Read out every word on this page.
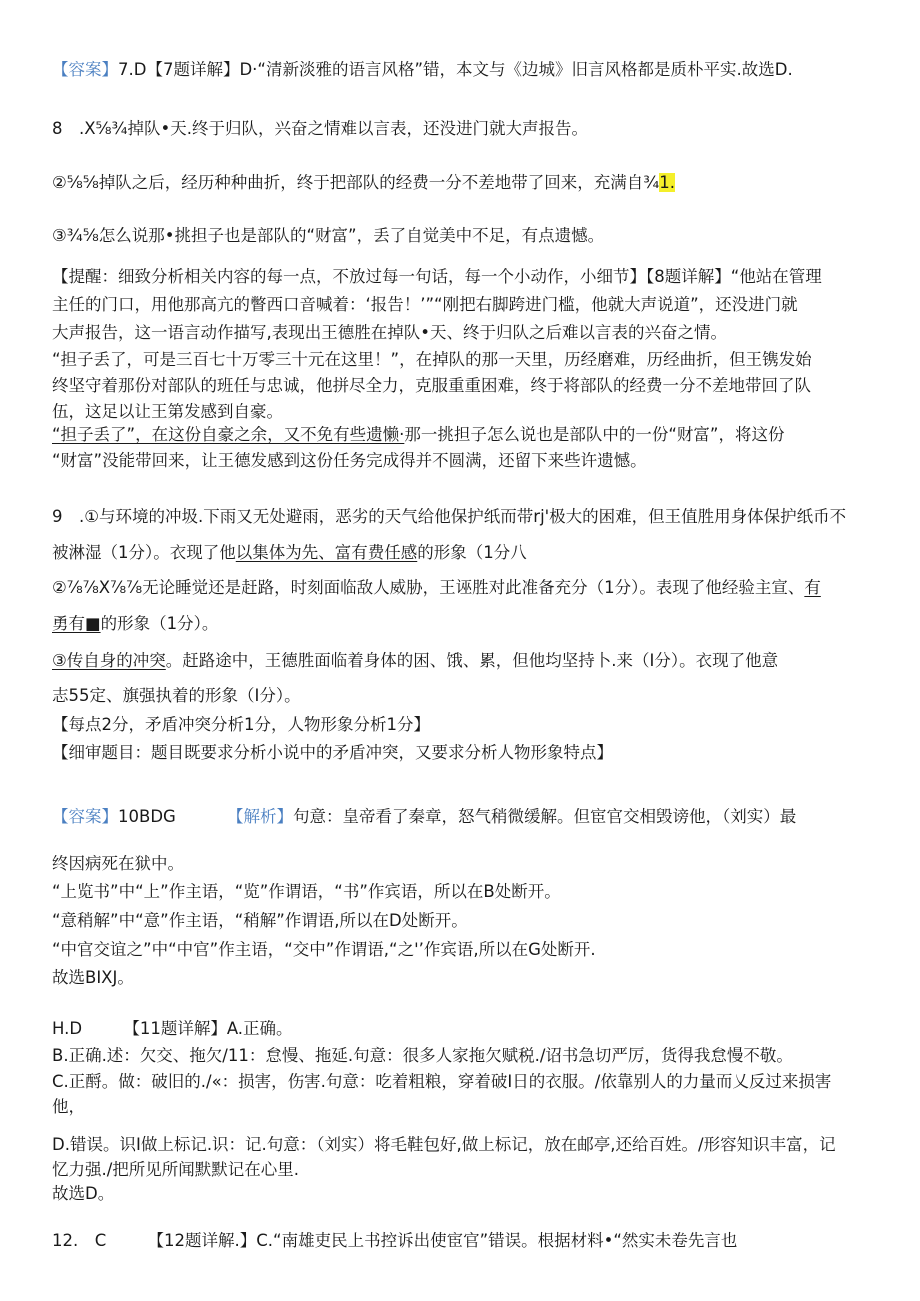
【容案】7.D【7题详解】D·“清新淡雅的语言风格”错，本文与《边城》旧言风格都是质朴平实.故选D.
8　.X⅝¾掉队•天.终于归队，兴奋之情难以言表，还没进门就大声报告。
②⅝⅝掉队之后，经历种种曲折，终于把部队的经费一分不差地带了回来，充满自¾1.
③¾⅝怎么说那•挑担子也是部队的“财富”，丢了自觉美中不足，有点遗憾。
【提醒：细致分析相关内容的每一点，不放过每一句话，每一个小动作，小细节】【8题详解】“他站在管理
主任的门口，用他那高亢的瞥西口音喊着：‘报告！’”“刚把右脚跨进门槛，他就大声说道”，还没进门就
大声报告，这一语言动作描写,表现出王德胜在掉队•天、终于归队之后难以言表的兴奋之情。
“担子丢了，可是三百七十万零三十元在这里！”，在掉队的那一天里，历经磨难，历经曲折，但王镌发始
终坚守着那份对部队的班任与忠诚，他拼尽全力，克服重重困难，终于将部队的经费一分不差地带回了队
伍，这足以让王第发感到自豪。
“担子丢了”，在这份自豪之余，又不免有些遗懒·那一挑担子怎么说也是部队中的一份“财富”，将这份
“财富”没能带回来，让王德发感到这份任务完成得并不圆满，还留下来些许遗憾。
9　.①与环境的冲圾.下雨又无处避雨，恶劣的天气给他保护纸而带rj'极大的困难，但王值胜用身体保护纸币不
被淋湿（1分）。衣现了他以集体为先、富有费任感的形象（1分八
②⅞⅞X⅞⅞无论睡觉还是赶路，时刻面临敌人威胁，王诬胜对此准备充分（1分）。表现了他经验主宣、有
勇有■的形象（1分）。
③传自身的冲突。赶路途中，王德胜面临着身体的困、饿、累，但他均坚持卜.来（I分）。衣现了他意
志55定、旗强执着的形象（I分）。
【每点2分，矛盾冲突分析1分，人物形象分析1分】
【细审题目：题目既要求分析小说中的矛盾冲突，又要求分析人物形象特点】
【容案】10BDG	【解析】句意：皇帝看了秦章，怒气稍微缓解。但宦官交相毁谤他，（刘实）最
终因病死在狱中。
“上览书”中“上”作主语，“览”作谓语，“书”作宾语，所以在B处断开。
“意稍解”中“意”作主语，“稍解”作谓语,所以在D处断开。
“中官交谊之”中“中官”作主语，“交中”作谓语,“之'’作宾语,所以在G处断开.
故选BIXJ。
H.D　　　【11题详解】A.正确。
B.正确.述：欠交、拖欠/11：怠慢、拖延.句意：很多人家拖欠赋税./诏书急切严厉，货得我怠慢不敬。
C.正酹。做：破旧的./«：损害，伤害.句意：吃着粗粮，穿着破I日的衣服。/依靠别人的力量而乂反过来损害
他，
D.错误。识I做上标记.识：记.句意：（刘实）将毛鞋包好,做上标记，放在邮亭,还给百姓。/形容知识丰富，记
忆力强./把所见所闻默默记在心里.
故选D。
12.　C　　　【12题详解.】C.“南雄吏民上书控诉出使宦官”错误。根据材料•“然实未卷先言也
